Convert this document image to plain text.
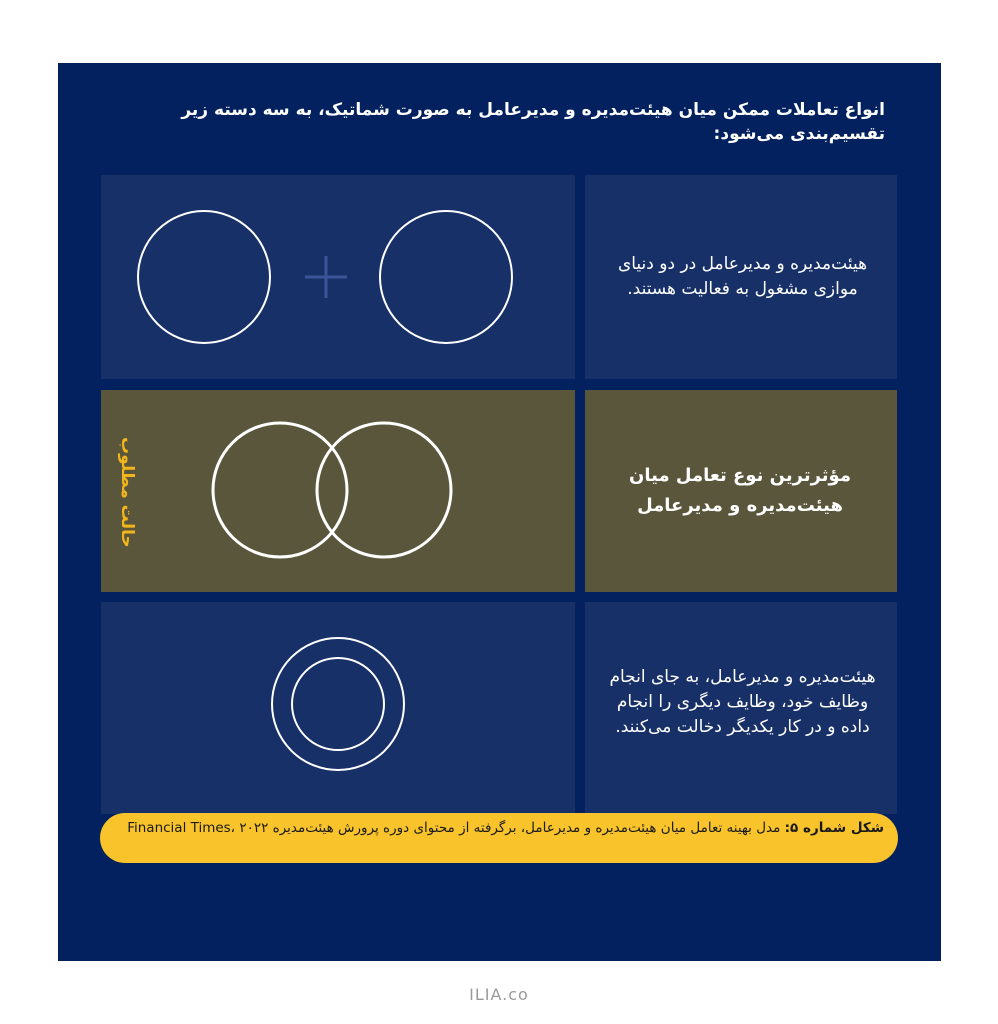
انواع تعاملات ممکن میان هیئت‌مدیره و مدیرعامل به صورت شماتیک، به سه دسته زیر تقسیم‌بندی می‌شود:
هیئت‌مدیره و مدیرعامل در دو دنیای موازی مشغول به فعالیت هستند.
مؤثرترین نوع تعامل میان هیئت‌مدیره و مدیرعامل
حالت مطلوب
هیئت‌مدیره و مدیرعامل، به جای انجام وظایف خود، وظایف دیگری را انجام داده و در کار یکدیگر دخالت می‌کنند.
شکل شماره ۵: مدل بهینه تعامل میان هیئت‌مدیره و مدیرعامل، برگرفته از محتوای دوره پرورش هیئت‌مدیره Financial Times، ۲۰۲۲
ILIA.co
